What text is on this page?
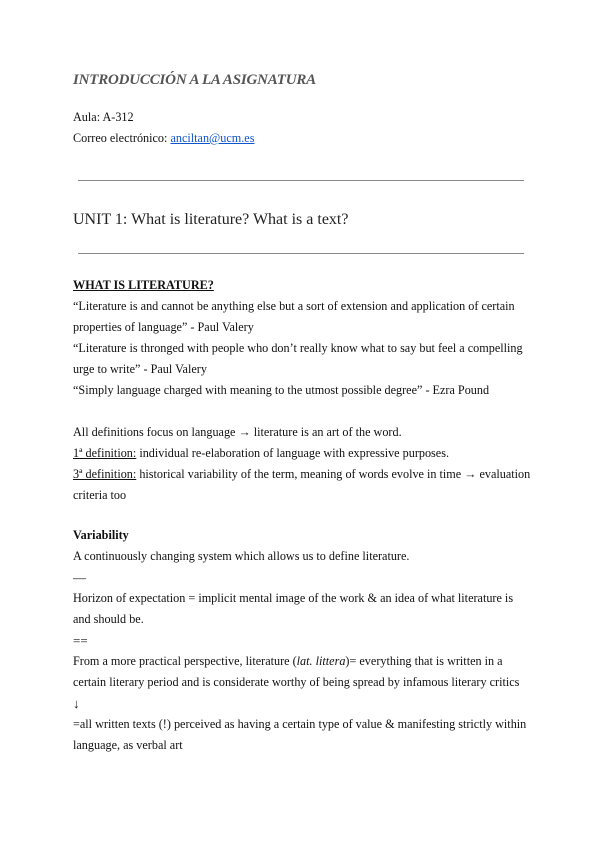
INTRODUCCIÓN A LA ASIGNATURA
Aula: A-312
Correo electrónico: anciltan@ucm.es
UNIT 1: What is literature? What is a text?

WHAT IS LITERATURE?

“Literature is and cannot be anything else but a sort of extension and application of certain

properties of language” - Paul Valery

“Literature is thronged with people who don’t really know what to say but feel a compelling

urge to write” - Paul Valery

“Simply language charged with meaning to the utmost possible degree” - Ezra Pound

All definitions focus on language → literature is an art of the word.

1ª definition: individual re-elaboration of language with expressive purposes.

3ª definition: historical variability of the term, meaning of words evolve in time → evaluation

criteria too

Variability

A continuously changing system which allows us to define literature.

—

Horizon of expectation = implicit mental image of the work & an idea of what literature is

and should be.

==

From a more practical perspective, literature (lat. littera)= everything that is written in a

certain literary period and is considerate worthy of being spread by infamous literary critics

↓

=all written texts (!) perceived as having a certain type of value & manifesting strictly within

language, as verbal art
